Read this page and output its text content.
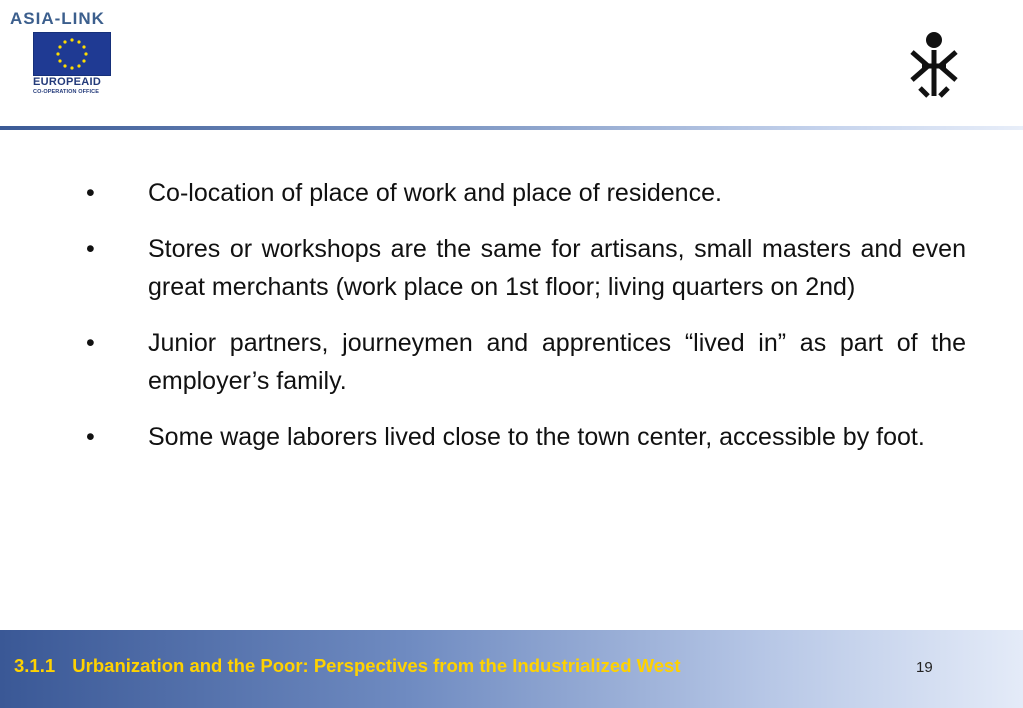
ASIA-LINK
EUROPEAID
CO-OPERATION OFFICE
•	Co-location of place of work and place of residence.
•	Stores or workshops are the same for artisans, small masters and even great merchants (work place on 1st floor; living quarters on 2nd)
•	Junior partners, journeymen and apprentices “lived in” as part of the employer’s family.
•	Some wage laborers lived close to the town center, accessible by foot.
3.1.1 Urbanization and the Poor: Perspectives from the Industrialized West	19
